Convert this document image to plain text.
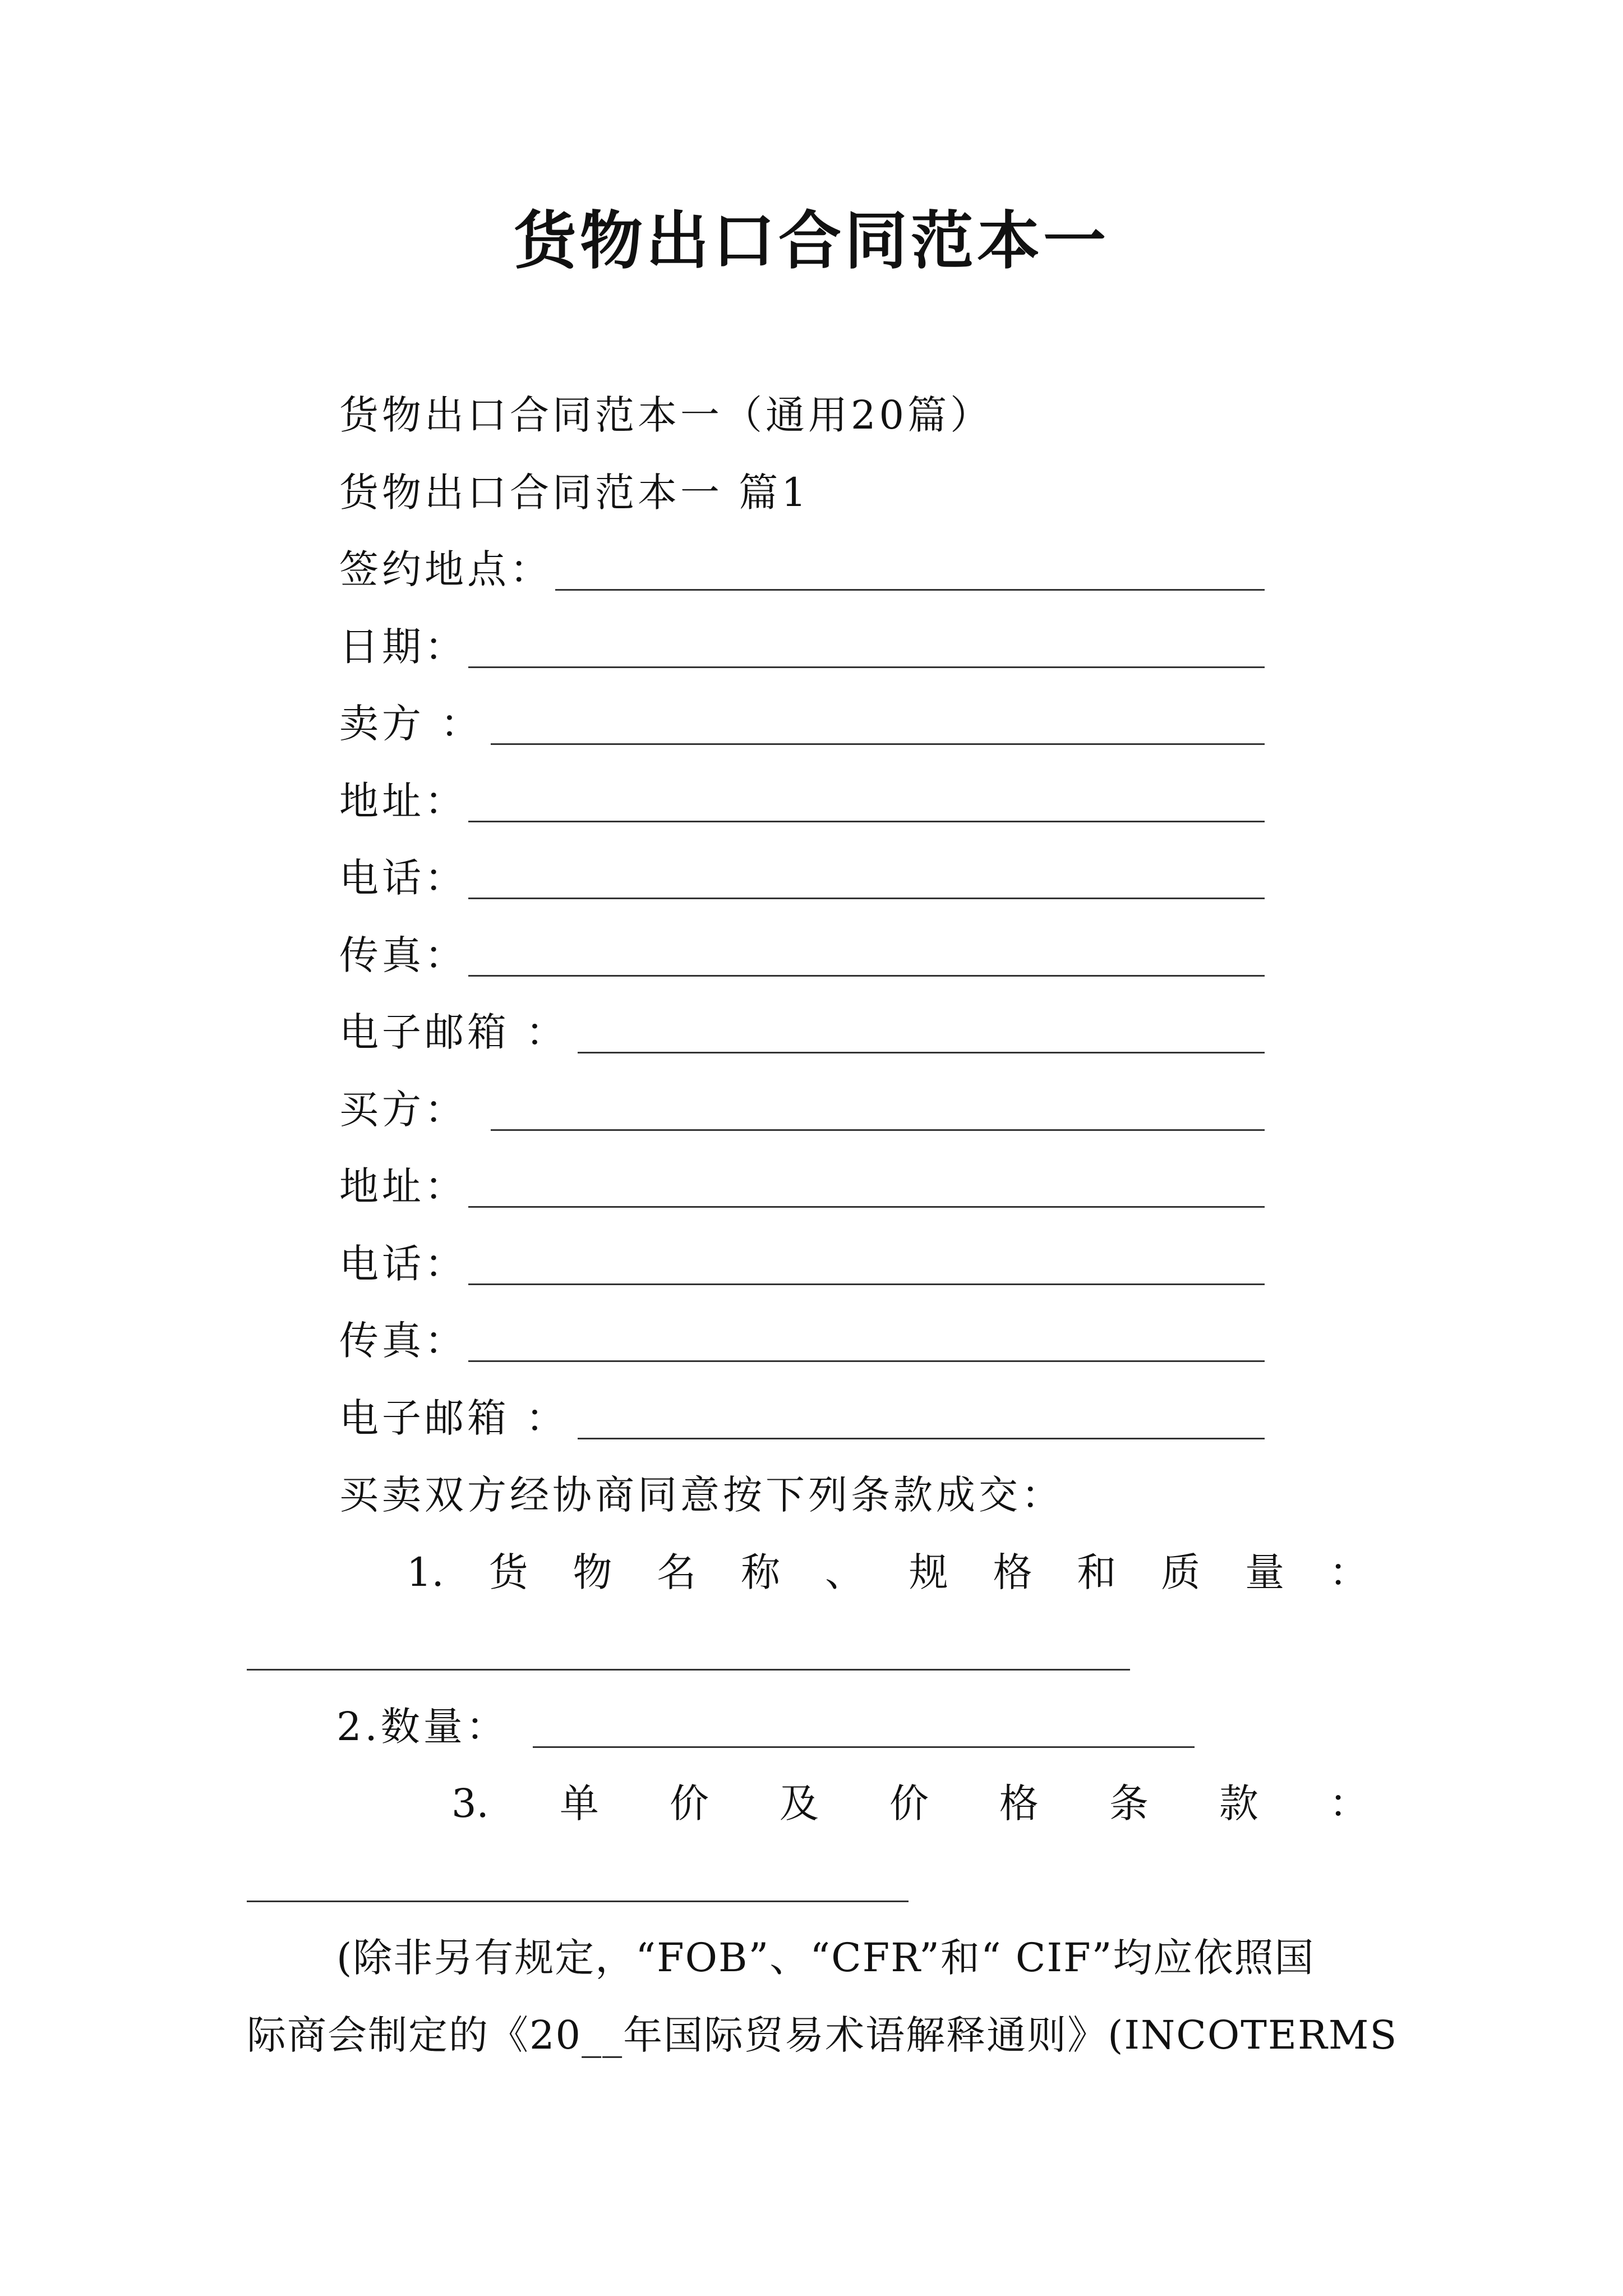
货物出口合同范本一
货物出口合同范本一（通用20篇）
货物出口合同范本一 篇1
签约地点：
日期：
卖方 ：
地址：
电话：
传真：
电子邮箱 ：
买方：
地址：
电话：
传真：
电子邮箱 ：
买卖双方经协商同意按下列条款成交：
1. 货 物 名 称 、 规 格 和 质 量 ：
2.数量：
3. 单 价 及 价 格 条 款 ：
(除非另有规定，“FOB”、“CFR”和“ CIF”均应依照国
际商会制定的《20__年国际贸易术语解释通则》(INCOTERMS
